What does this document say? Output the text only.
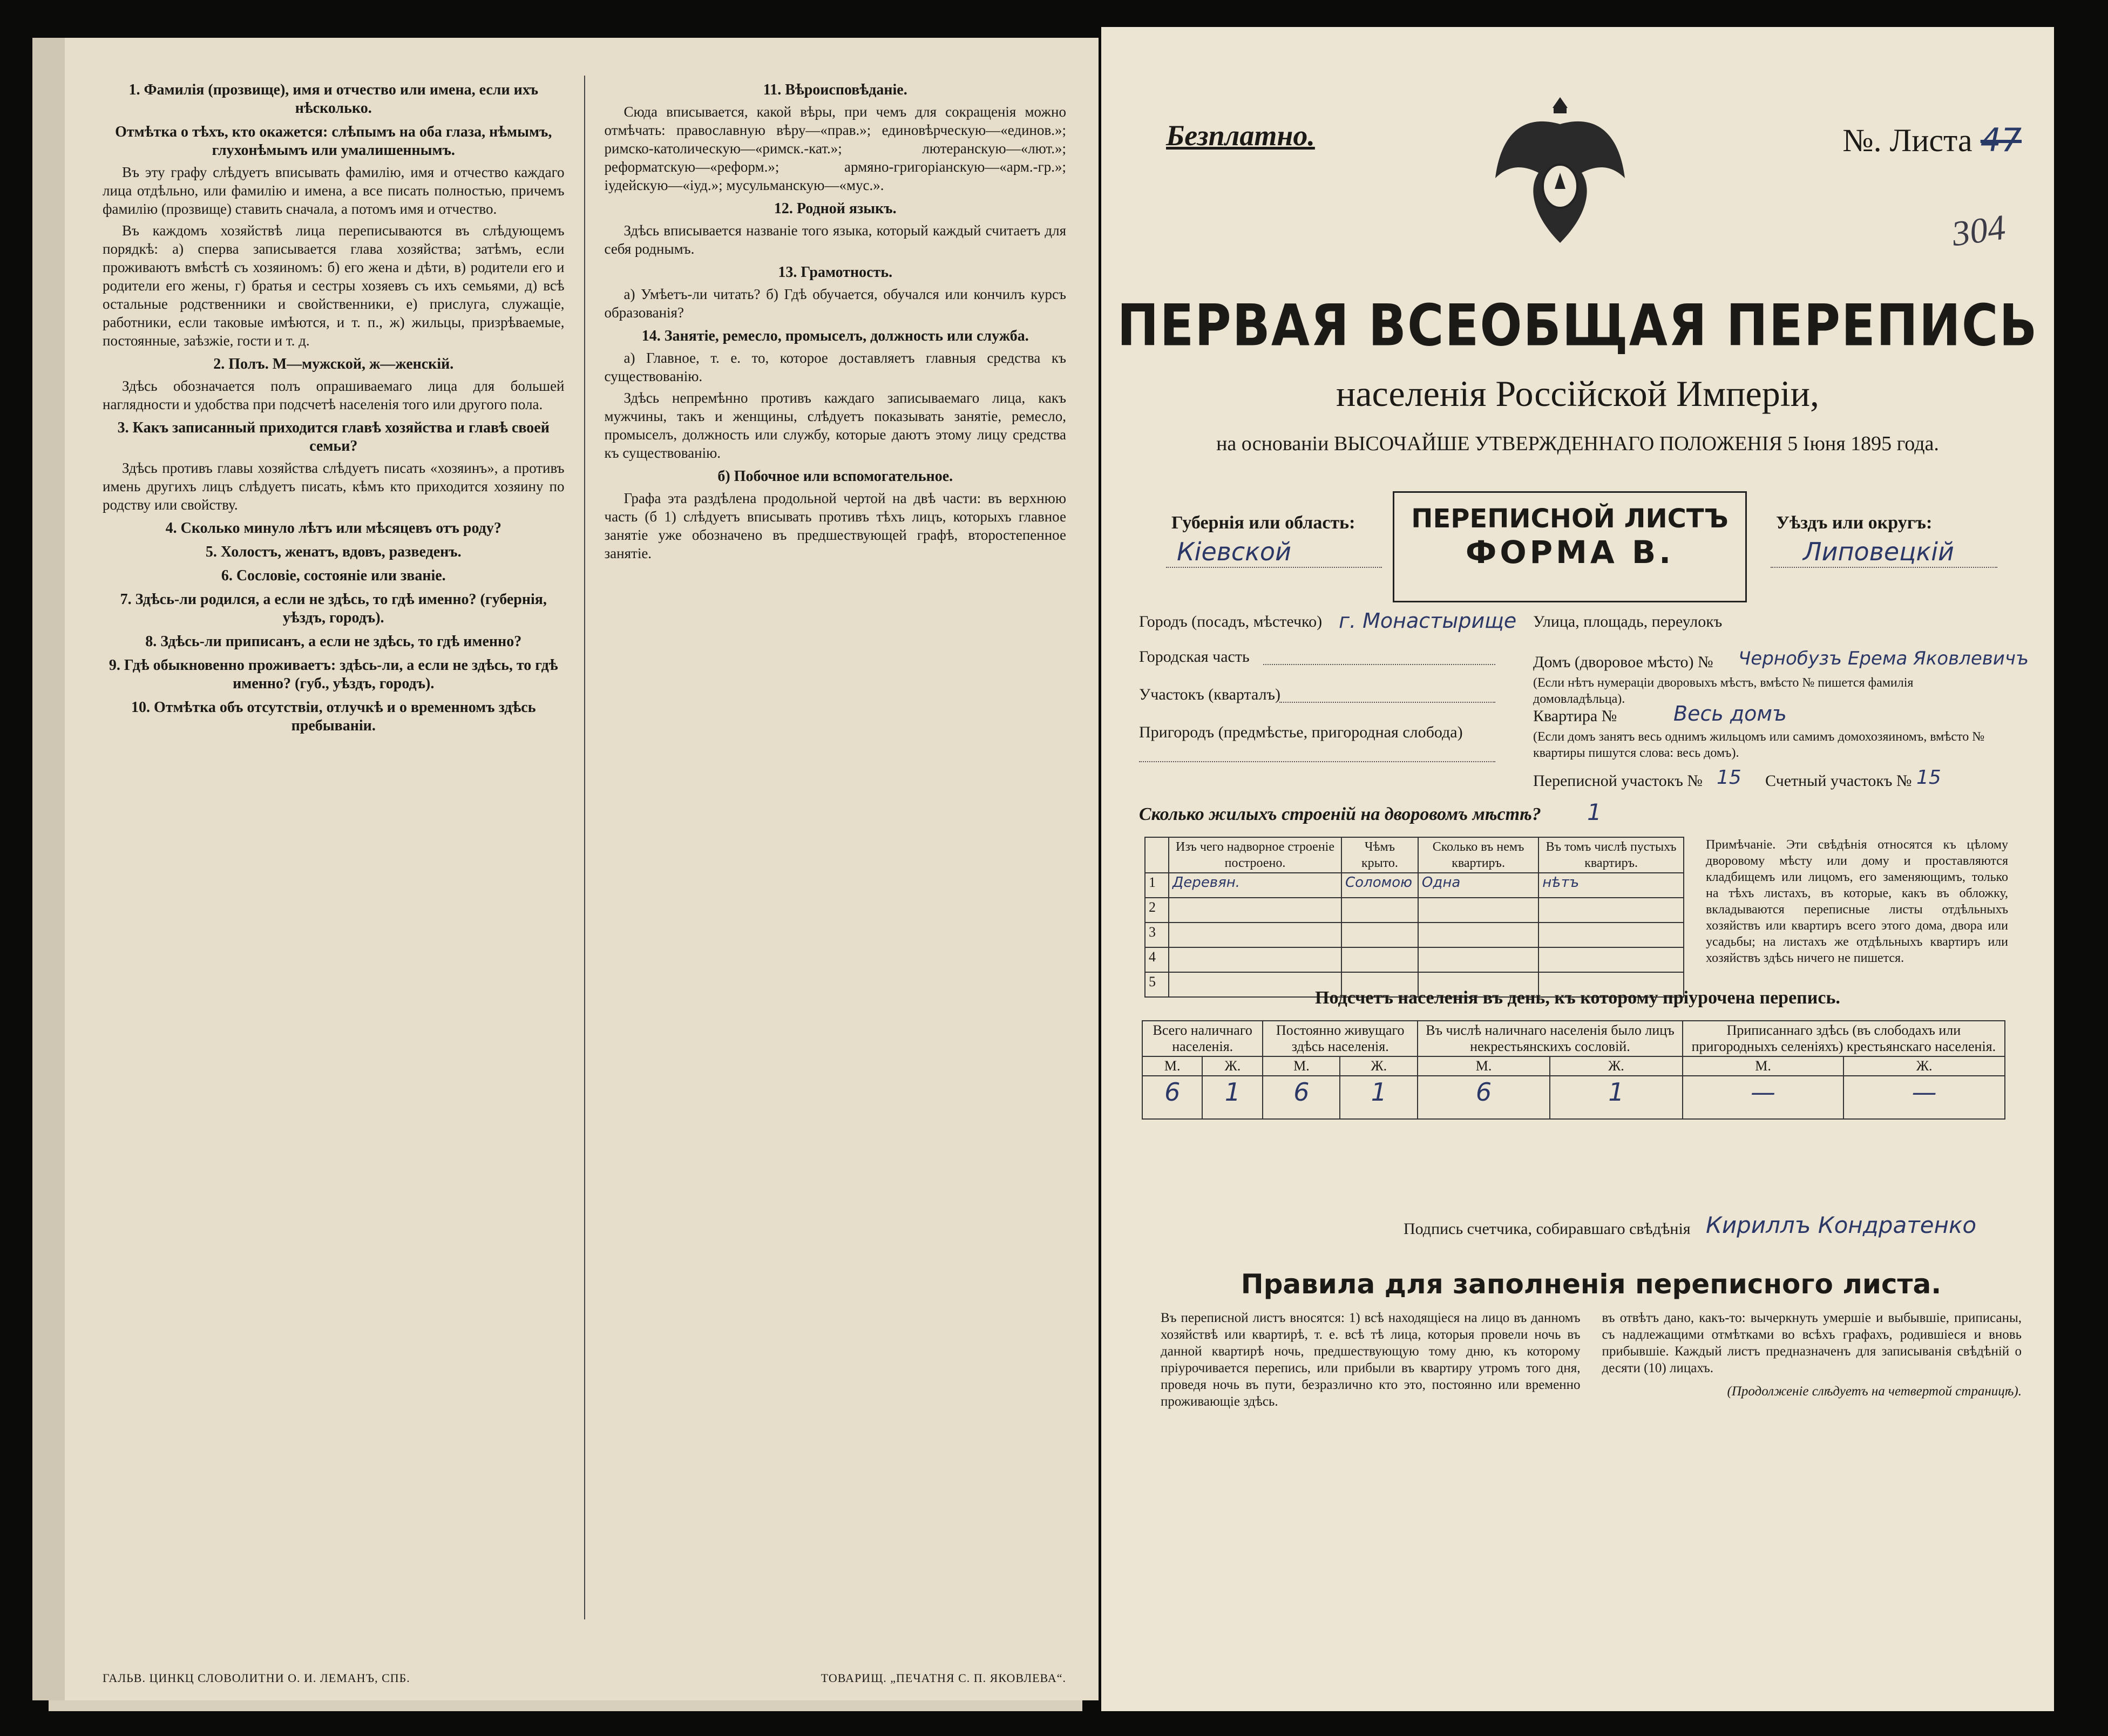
1. Фамилія (прозвище), имя и отчество или имена, если ихъ нѣсколько.
Отмѣтка о тѣхъ, кто окажется: слѣпымъ на оба глаза, нѣмымъ, глухонѣмымъ или умалишеннымъ.

Въ эту графу слѣдуетъ вписывать фамилію, имя и отчество каждаго лица отдѣльно, или фамилію и имена, а все писать полностью, причемъ фамилію (прозвище) ставить сначала, а потомъ имя и отчество.

Въ каждомъ хозяйствѣ лица переписываются въ слѣдующемъ порядкѣ: а) сперва записывается глава хозяйства; затѣмъ, если проживаютъ вмѣстѣ съ хозяиномъ: б) его жена и дѣти, в) родители его и родители его жены, г) братья и сестры хозяевъ съ ихъ семьями, д) всѣ остальные родственники и свойственники, е) прислуга, служащіе, работники, если таковые имѣются, и т. п., ж) жильцы, призрѣваемые, постоянные, заѣзжіе, гости и т. д.

2. Полъ. М—мужской, ж—женскій.

Здѣсь обозначается полъ опрашиваемаго лица для большей наглядности и удобства при подсчетѣ населенія того или другого пола.

3. Какъ записанный приходится главѣ хозяйства и главѣ своей семьи?

Здѣсь противъ главы хозяйства слѣдуетъ писать «хозяинъ», а противъ имень другихъ лицъ слѣдуетъ писать, кѣмъ кто приходится хозяину по родству или свойству.

4. Сколько минуло лѣтъ или мѣсяцевъ отъ роду?
5. Холостъ, женатъ, вдовъ, разведенъ.
6. Сословіе, состояніе или званіе.
7. Здѣсь-ли родился, а если не здѣсь, то гдѣ именно? (губернія, уѣздъ, городъ).
8. Здѣсь-ли приписанъ, а если не здѣсь, то гдѣ именно?
9. Гдѣ обыкновенно проживаетъ: здѣсь-ли, а если не здѣсь, то гдѣ именно? (губ., уѣздъ, городъ).
10. Отмѣтка объ отсутствіи, отлучкѣ и о временномъ здѣсь пребываніи.
11. Вѣроисповѣданіе.

Сюда вписывается, какой вѣры, при чемъ для сокращенія можно отмѣчать: православную вѣру—«прав.»; единовѣрческую—«единов.»; римско-католическую—«римск.-кат.»; лютеранскую—«лют.»; реформатскую—«реформ.»; армяно-григоріанскую—«арм.-гр.»; іудейскую—«іуд.»; мусульманскую—«мус.».

12. Родной языкъ.

Здѣсь вписывается названіе того языка, который каждый считаетъ для себя роднымъ.

13. Грамотность.

а) Умѣетъ-ли читать? б) Гдѣ обучается, обучался или кончилъ курсъ образованія?

14. Занятіе, ремесло, промыселъ, должность или служба.

а) Главное, т. е. то, которое доставляетъ главныя средства къ существованію.

Здѣсь непремѣнно противъ каждаго записываемаго лица, какъ мужчины, такъ и женщины, слѣдуетъ показывать занятіе, ремесло, промыселъ, должность или службу, которые даютъ этому лицу средства къ существованію.

б) Побочное или вспомогательное.

Графа эта раздѣлена продольной чертой на двѣ части: въ верхнюю часть (б 1) слѣдуетъ вписывать противъ тѣхъ лицъ, которыхъ главное занятіе уже обозначено въ предшествующей графѣ, второстепенное занятіе.

ГАЛЬВ. ЦИНКЦ СЛОВОЛИТНИ О. И. ЛЕМАНЪ, СПБ.	ТОВАРИЩ. „ПЕЧАТНЯ С. П. ЯКОВЛЕВА“.
Безплатно.	№. Листа 47
304
ПЕРВАЯ ВСЕОБЩАЯ ПЕРЕПИСЬ
населенія Россійской Имперіи,
на основаніи ВЫСОЧАЙШЕ УТВЕРЖДЕННАГО ПОЛОЖЕНІЯ 5 Іюня 1895 года.
Губернія или область:
Кіевской
ПЕРЕПИСНОЙ ЛИСТЪ
ФОРМА В.
Уѣздъ или округъ:
Липовецкій
Городъ (посадъ, мѣстечко) г. Монастырище
Городская часть
Участокъ (кварталъ)
Пригородъ (предмѣстье, пригородная слобода)
Улица, площадь, переулокъ
Домъ (дворовое мѣсто) № Чернобузъ Ерема Яковлевичъ
(Если нѣтъ нумераціи дворовыхъ мѣстъ, вмѣсто № пишется фамилія домовладѣльца).
Квартира №	Весь домъ
(Если домъ занятъ весь однимъ жильцомъ или самимъ домохозяиномъ, вмѣсто № квартиры пишутся слова: весь домъ).
Переписной участокъ № 15 Счетный участокъ № 15
Сколько жилыхъ строеній на дворовомъ мѣстѣ? 1
	Изъ чего надворное строеніе построено.	Чѣмъ крыто.	Сколько въ немъ квартиръ.	Въ томъ числѣ пустыхъ квартиръ.
1	Деревян.	Соломою	Одна	нѣтъ
2				
3				
4				
5				
Примѣчаніе. Эти свѣдѣнія относятся къ цѣлому дворовому мѣсту или дому и проставляются кладбищемъ или лицомъ, его заменяющимъ, только на тѣхъ листахъ, въ которые, какъ въ обложку, вкладываются переписные листы отдѣльныхъ хозяйствъ или квартиръ всего этого дома, двора или усадьбы; на листахъ же отдѣльныхъ квартиръ или хозяйствъ здѣсь ничего не пишется.
Подсчетъ населенія въ день, къ которому пріурочена перепись.
Всего наличнаго населенія.		Постоянно живущаго здѣсь населенія.		Въ числѣ наличнаго населенія было лицъ некрестьянскихъ сословій.		Приписаннаго здѣсь (въ слободахъ или пригородныхъ селеніяхъ) крестьянскаго населенія.	
М.	Ж.	М.	Ж.	М.	Ж.	М.	Ж.
6	1	6	1	6	1	—	—
Подпись счетчика, собиравшаго свѣдѣнія Кириллъ Кондратенко
Правила для заполненія переписного листа.
Въ переписной листъ вносятся: 1) всѣ находящіеся на лицо въ данномъ хозяйствѣ или квартирѣ, т. е. всѣ тѣ лица, которыя провели ночь въ данной квартирѣ ночь, предшествующую тому дню, къ которому пріурочивается перепись, или прибыли въ квартиру утромъ того дня, проведя ночь въ пути, безразлично кто это, постоянно или временно проживающіе здѣсь.
въ отвѣтъ дано, какъ-то: вычеркнуть умершіе и выбывшіе, приписаны, съ надлежащими отмѣтками во всѣхъ графахъ, родившіеся и вновь прибывшіе. Каждый листъ предназначенъ для записыванія свѣдѣній о десяти (10) лицахъ.
(Продолженіе слѣдуетъ на четвертой страницѣ).
